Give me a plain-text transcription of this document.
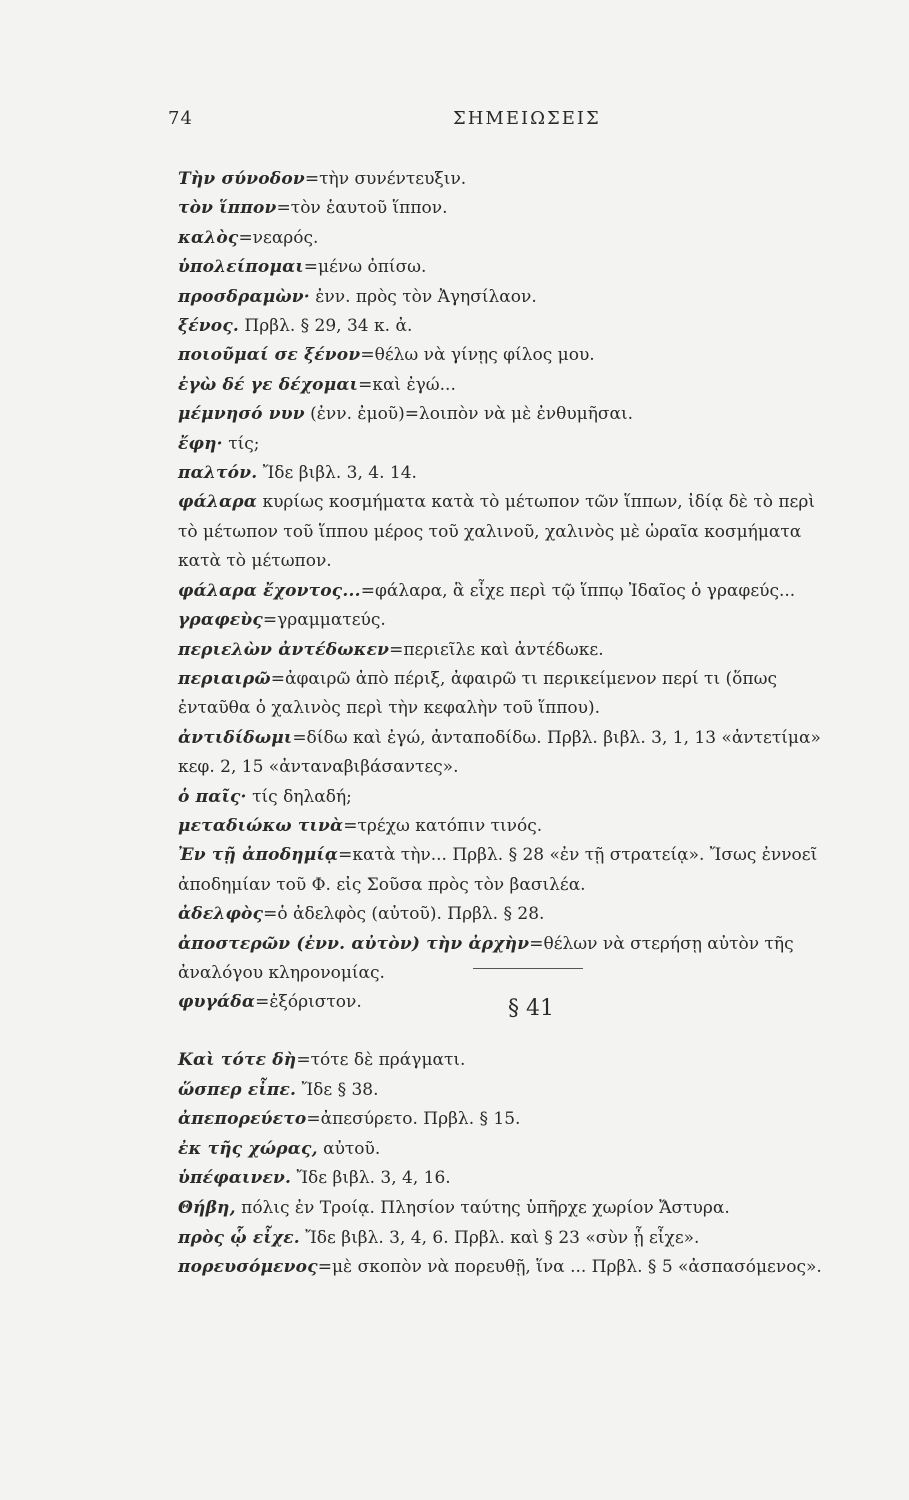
74	ΣΗΜΕΙΩΣΕΙΣ

Τὴν σύνοδον=τὴν συνέντευξιν.

τὸν ἵππον=τὸν ἑαυτοῦ ἵππον.

καλὸς=νεαρός.

ὑπολείπομαι=μένω ὀπίσω.

προσδραμὼν· ἐνν. πρὸς τὸν Ἀγησίλαον.

ξένος. Πρβλ. § 29, 34 κ. ἀ.

ποιοῦμαί σε ξένον=θέλω νὰ γίνῃς φίλος μου.

ἐγὼ δέ γε δέχομαι=καὶ ἐγώ...

μέμνησό νυν (ἐνν. ἐμοῦ)=λοιπὸν νὰ μὲ ἐνθυμῆσαι.

ἔφη· τίς;

παλτόν. Ἴδε βιβλ. 3, 4. 14.

φάλαρα κυρίως κοσμήματα κατὰ τὸ μέτωπον τῶν ἵππων, ἰδίᾳ δὲ τὸ περὶ τὸ μέτωπον τοῦ ἵππου μέρος τοῦ χαλινοῦ, χαλινὸς μὲ ὡραῖα κοσμήματα κατὰ τὸ μέτωπον.

φάλαρα ἔχοντος...=φάλαρα, ἃ εἶχε περὶ τῷ ἵππῳ Ἰδαῖος ὁ γραφεύς...

γραφεὺς=γραμματεύς.

περιελὼν ἀντέδωκεν=περιεῖλε καὶ ἀντέδωκε.

περιαιρῶ=ἀφαιρῶ ἀπὸ πέριξ, ἀφαιρῶ τι περικείμενον περί τι (ὅπως ἐνταῦθα ὁ χαλινὸς περὶ τὴν κεφαλὴν τοῦ ἵππου).

ἀντιδίδωμι=δίδω καὶ ἐγώ, ἀνταποδίδω. Πρβλ. βιβλ. 3, 1, 13 «ἀντετίμα» κεφ. 2, 15 «ἀνταναβιβάσαντες».

ὁ παῖς· τίς δηλαδή;

μεταδιώκω τινὰ=τρέχω κατόπιν τινός.

Ἐν τῇ ἀποδημίᾳ=κατὰ τὴν... Πρβλ. § 28 «ἐν τῇ στρατείᾳ». Ἴσως ἐννοεῖ ἀποδημίαν τοῦ Φ. εἰς Σοῦσα πρὸς τὸν βασιλέα.

ἀδελφὸς=ὁ ἀδελφὸς (αὐτοῦ). Πρβλ. § 28.

ἀποστερῶν (ἐνν. αὐτὸν) τὴν ἀρχὴν=θέλων νὰ στερήσῃ αὐτὸν τῆς ἀναλόγου κληρονομίας.

φυγάδα=ἐξόριστον.	§ 41

Καὶ τότε δὴ=τότε δὲ πράγματι.

ὥσπερ εἶπε. Ἴδε § 38.

ἀπεπορεύετο=ἀπεσύρετο. Πρβλ. § 15.

ἐκ τῆς χώρας, αὐτοῦ.

ὑπέφαινεν. Ἴδε βιβλ. 3, 4, 16.

Θήβη, πόλις ἐν Τροίᾳ. Πλησίον ταύτης ὑπῆρχε χωρίον Ἄστυρα.

πρὸς ᾧ εἶχε. Ἴδε βιβλ. 3, 4, 6. Πρβλ. καὶ § 23 «σὺν ᾗ εἶχε».

πορευσόμενος=μὲ σκοπὸν νὰ πορευθῇ, ἵνα ... Πρβλ. § 5 «ἀσπασόμενος».
